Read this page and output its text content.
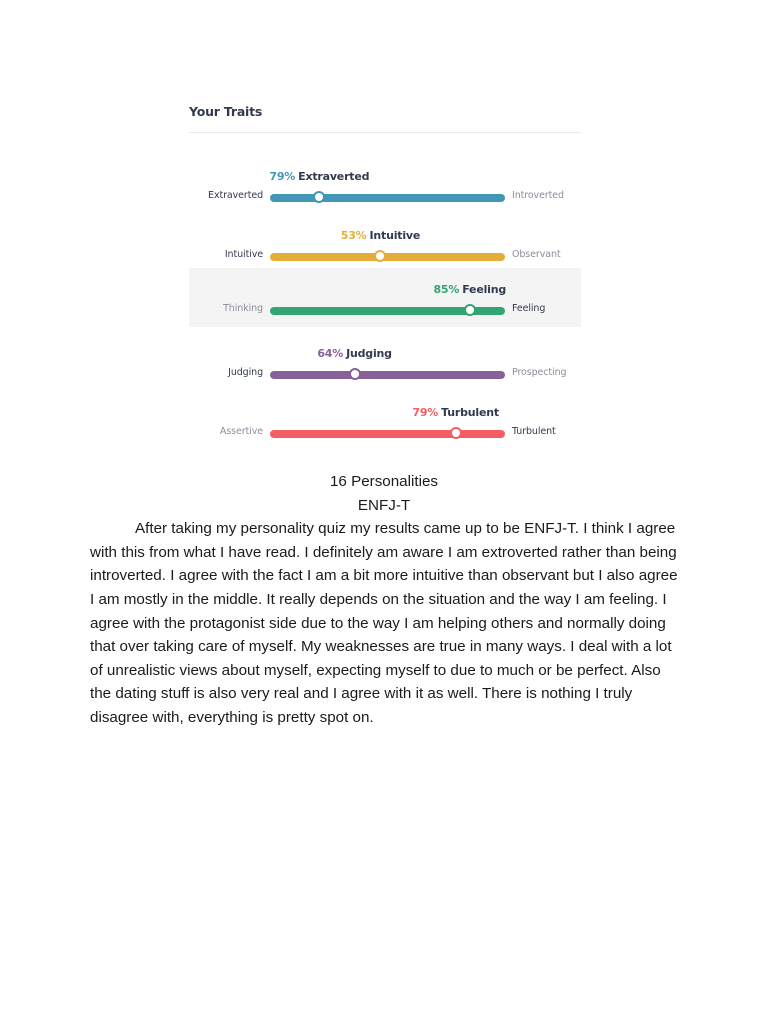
Your Traits
79% Extraverted
Extraverted	Introverted
53% Intuitive
Intuitive	Observant
85% Feeling
Thinking	Feeling
64% Judging
Judging	Prospecting
79% Turbulent
Assertive	Turbulent
16 Personalities
ENFJ-T

After taking my personality quiz my results came up to be ENFJ-T. I think I agree with this from what I have read. I definitely am aware I am extroverted rather than being introverted. I agree with the fact I am a bit more intuitive than observant but I also agree I am mostly in the middle. It really depends on the situation and the way I am feeling. I agree with the protagonist side due to the way I am helping others and normally doing that over taking care of myself. My weaknesses are true in many ways. I deal with a lot of unrealistic views about myself, expecting myself to due to much or be perfect. Also the dating stuff is also very real and I agree with it as well. There is nothing I truly disagree with, everything is pretty spot on.
